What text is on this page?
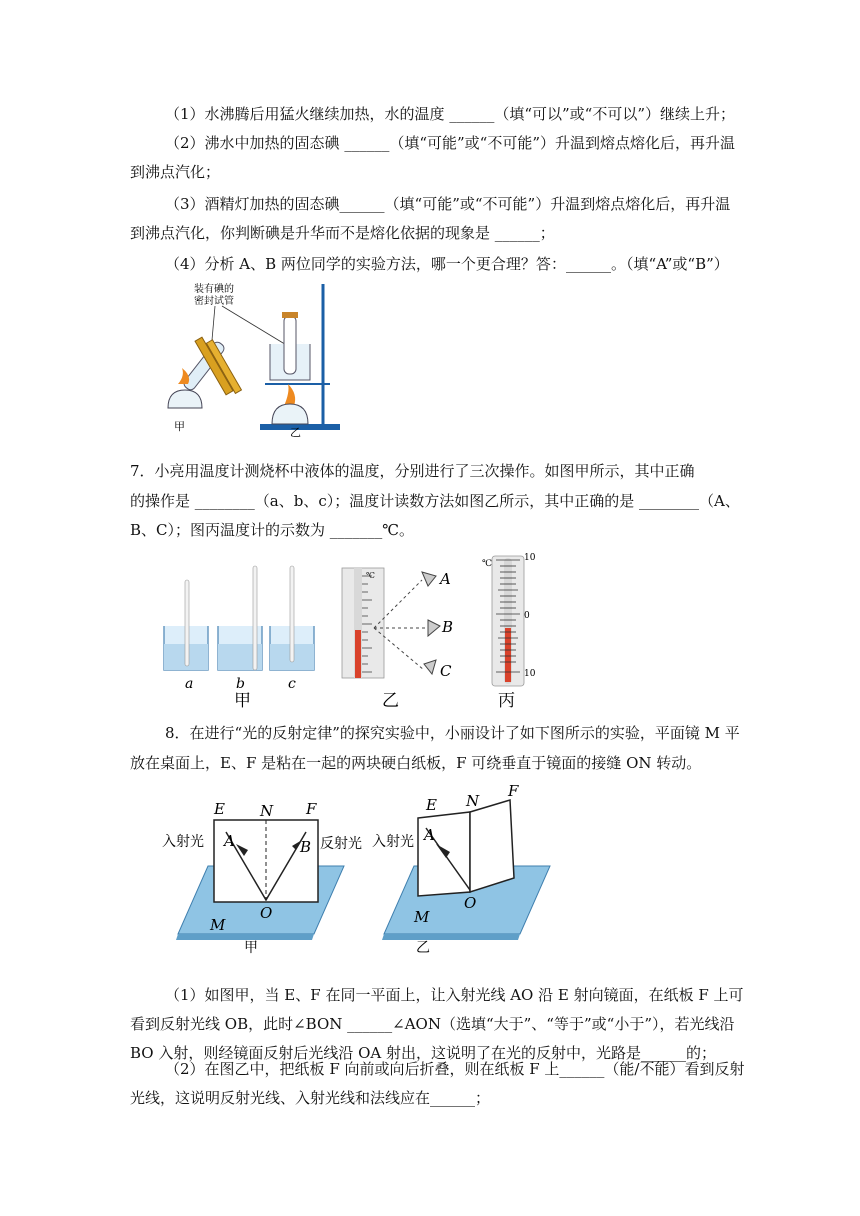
（1）水沸腾后用猛火继续加热，水的温度 ______（填“可以”或“不可以”）继续上升；
（2）沸水中加热的固态碘 ______（填“可能”或“不可能”）升温到熔点熔化后，再升温
到沸点汽化；
（3）酒精灯加热的固态碘______（填“可能”或“不可能”）升温到熔点熔化后，再升温
到沸点汽化，你判断碘是升华而不是熔化依据的现象是 ______；
（4）分析 A、B 两位同学的实验方法，哪一个更合理？答：______。（填“A”或“B”）
装有碘的
密封试管
甲	乙
7．小亮用温度计测烧杯中液体的温度，分别进行了三次操作。如图甲所示，其中正确
的操作是 ________（a、b、c）；温度计读数方法如图乙所示，其中正确的是 ________（A、
B、C）；图丙温度计的示数为 _______℃。
a	b	c
甲
℃	A
B
C
乙
℃
10
0
10
丙
8．在进行“光的反射定律”的探究实验中，小丽设计了如下图所示的实验，平面镜 M 平
放在桌面上，E、F 是粘在一起的两块硬白纸板，F 可绕垂直于镜面的接缝 ON 转动。
E N F
A	B
O
M
入射光	反射光
甲
E N
F
A
O
M
入射光
乙
（1）如图甲，当 E、F 在同一平面上，让入射光线 AO 沿 E 射向镜面，在纸板 F 上可
看到反射光线 OB，此时∠BON ______∠AON（选填“大于”、“等于”或“小于”），若光线沿
BO 入射，则经镜面反射后光线沿 OA 射出，这说明了在光的反射中，光路是______的；
（2）在图乙中，把纸板 F 向前或向后折叠，则在纸板 F 上______（能/不能）看到反射
光线，这说明反射光线、入射光线和法线应在______；
